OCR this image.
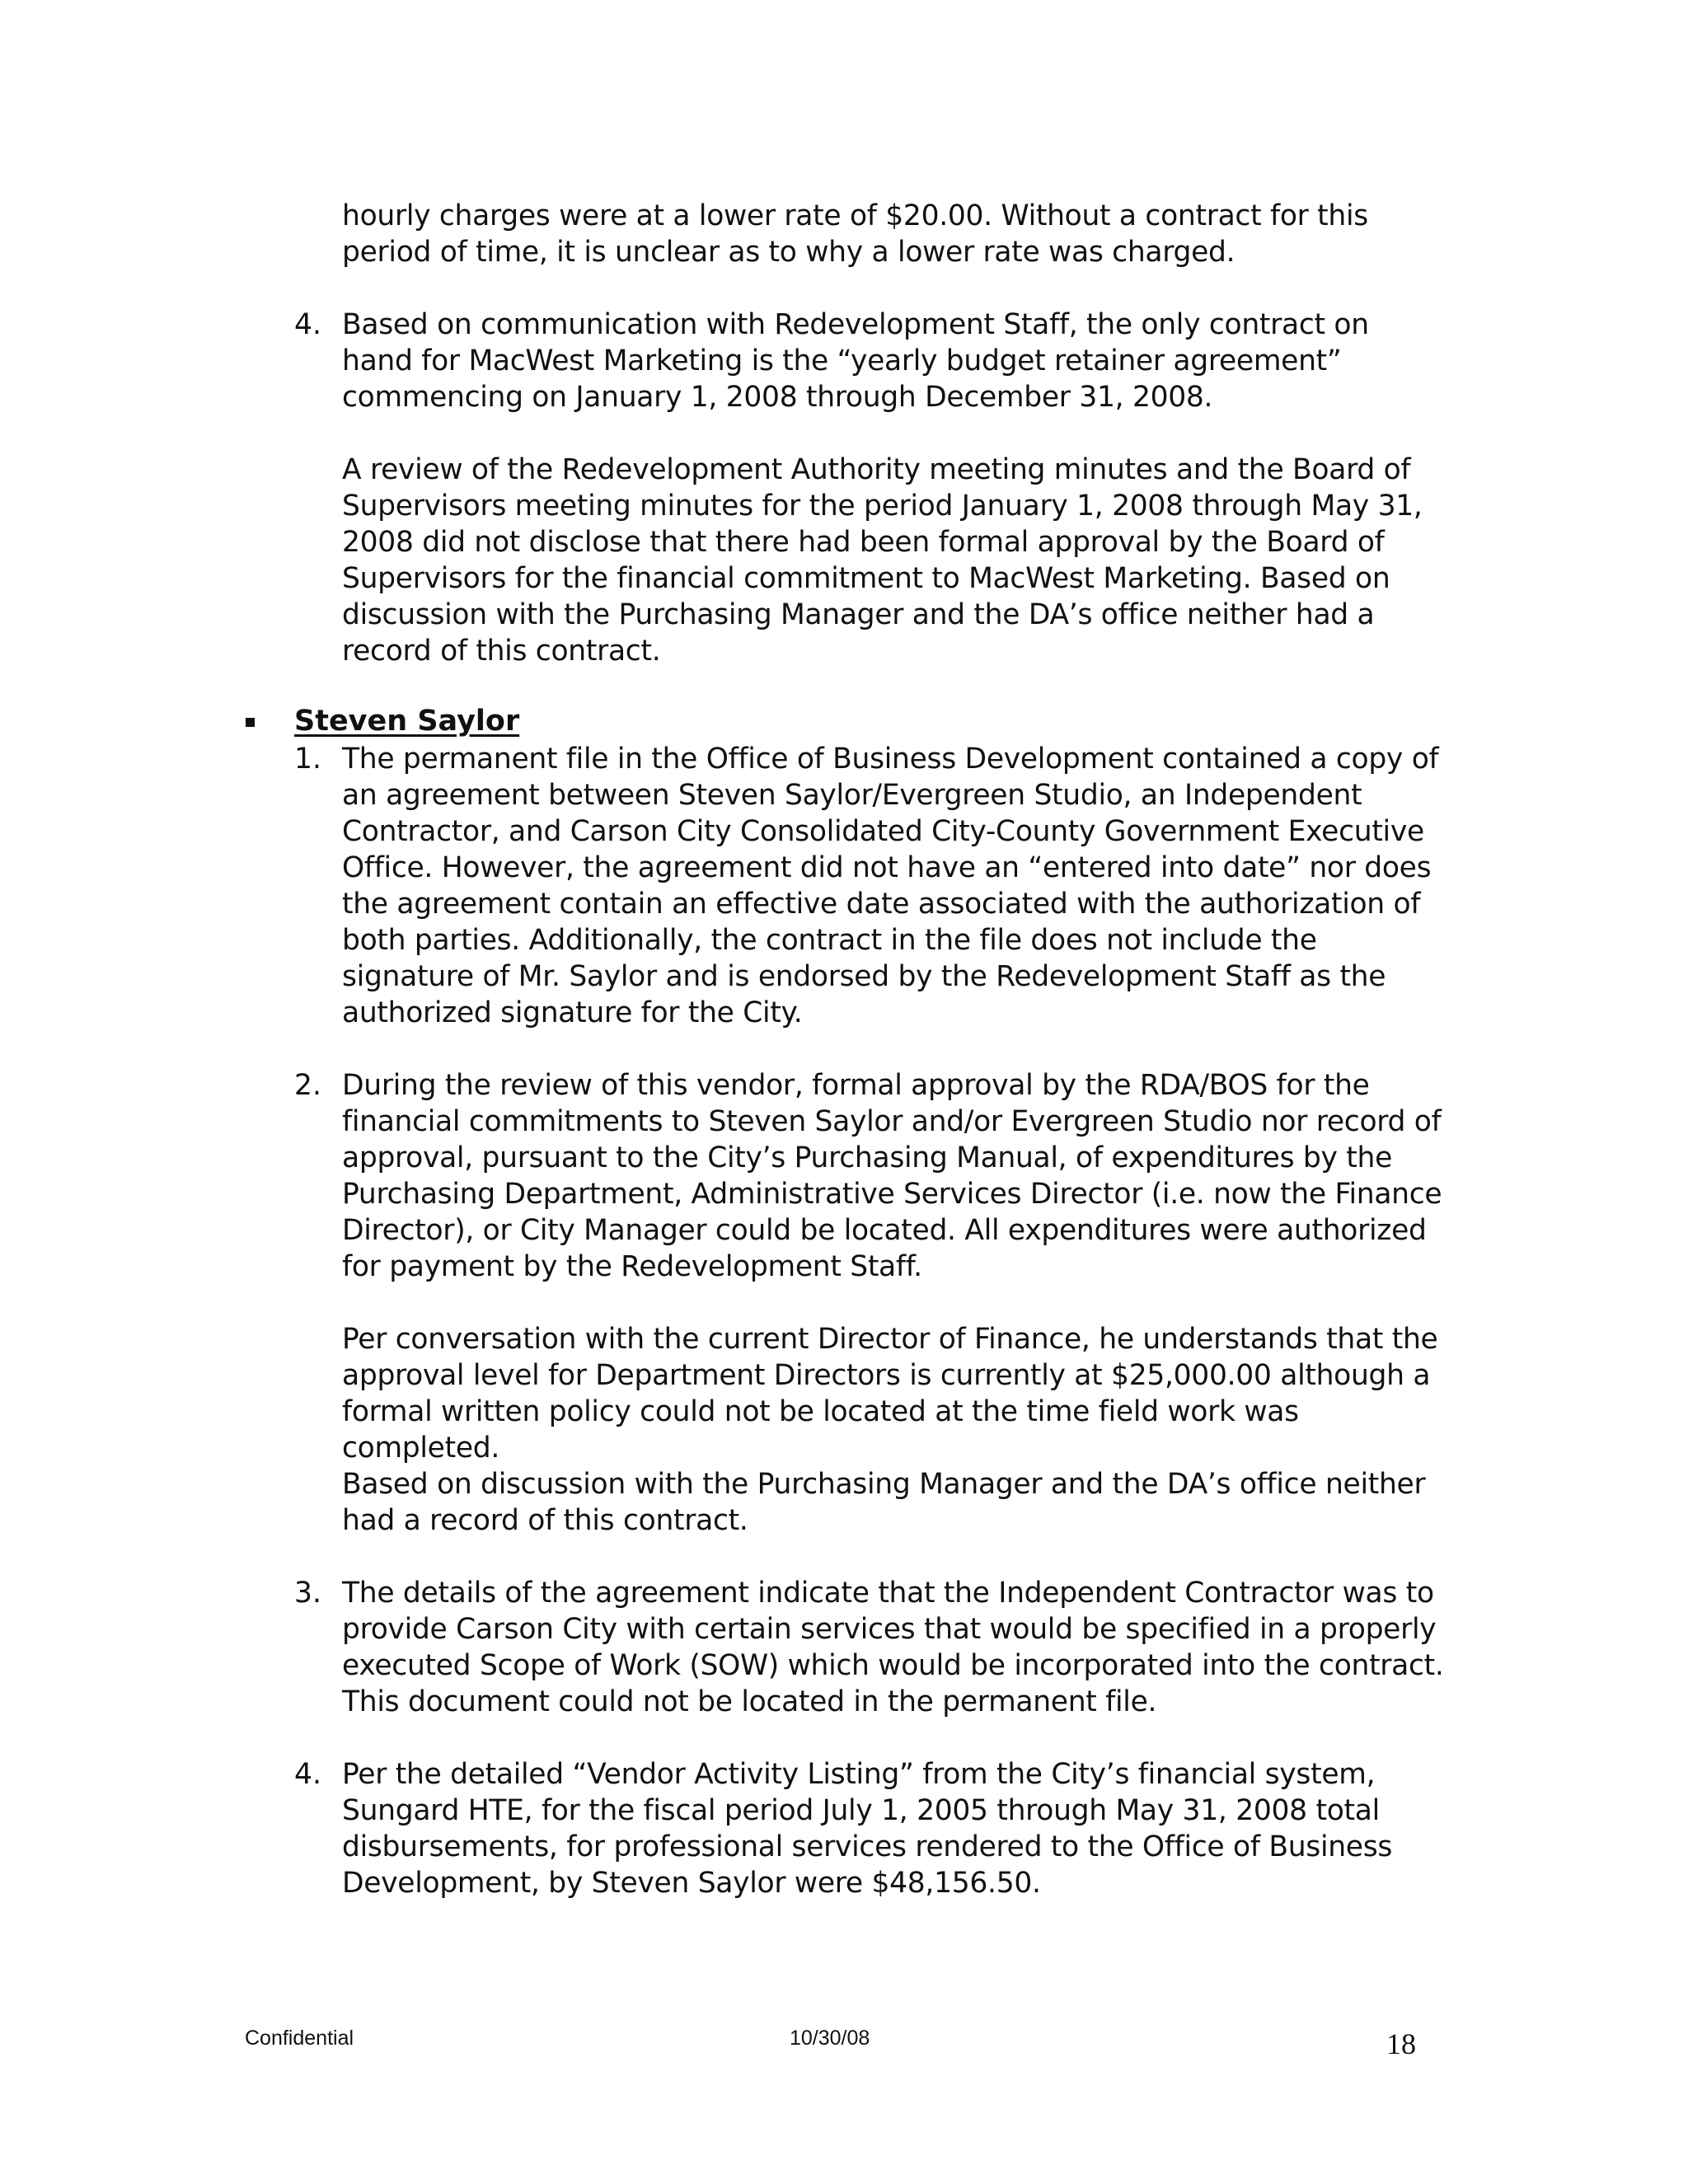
hourly charges were at a lower rate of $20.00. Without a contract for this period of time, it is unclear as to why a lower rate was charged.

4. Based on communication with Redevelopment Staff, the only contract on hand for MacWest Marketing is the “yearly budget retainer agreement” commencing on January 1, 2008 through December 31, 2008.

A review of the Redevelopment Authority meeting minutes and the Board of Supervisors meeting minutes for the period January 1, 2008 through May 31, 2008 did not disclose that there had been formal approval by the Board of Supervisors for the financial commitment to MacWest Marketing. Based on discussion with the Purchasing Manager and the DA’s office neither had a record of this contract.

Steven Saylor
1. The permanent file in the Office of Business Development contained a copy of an agreement between Steven Saylor/Evergreen Studio, an Independent Contractor, and Carson City Consolidated City-County Government Executive Office. However, the agreement did not have an “entered into date” nor does the agreement contain an effective date associated with the authorization of both parties. Additionally, the contract in the file does not include the signature of Mr. Saylor and is endorsed by the Redevelopment Staff as the authorized signature for the City.

2. During the review of this vendor, formal approval by the RDA/BOS for the financial commitments to Steven Saylor and/or Evergreen Studio nor record of approval, pursuant to the City’s Purchasing Manual, of expenditures by the Purchasing Department, Administrative Services Director (i.e. now the Finance Director), or City Manager could be located. All expenditures were authorized for payment by the Redevelopment Staff.

Per conversation with the current Director of Finance, he understands that the approval level for Department Directors is currently at $25,000.00 although a formal written policy could not be located at the time field work was completed.

Based on discussion with the Purchasing Manager and the DA’s office neither had a record of this contract.

3. The details of the agreement indicate that the Independent Contractor was to provide Carson City with certain services that would be specified in a properly executed Scope of Work (SOW) which would be incorporated into the contract. This document could not be located in the permanent file.

4. Per the detailed “Vendor Activity Listing” from the City’s financial system, Sungard HTE, for the fiscal period July 1, 2005 through May 31, 2008 total disbursements, for professional services rendered to the Office of Business Development, by Steven Saylor were $48,156.50.

Confidential	10/30/08	18
